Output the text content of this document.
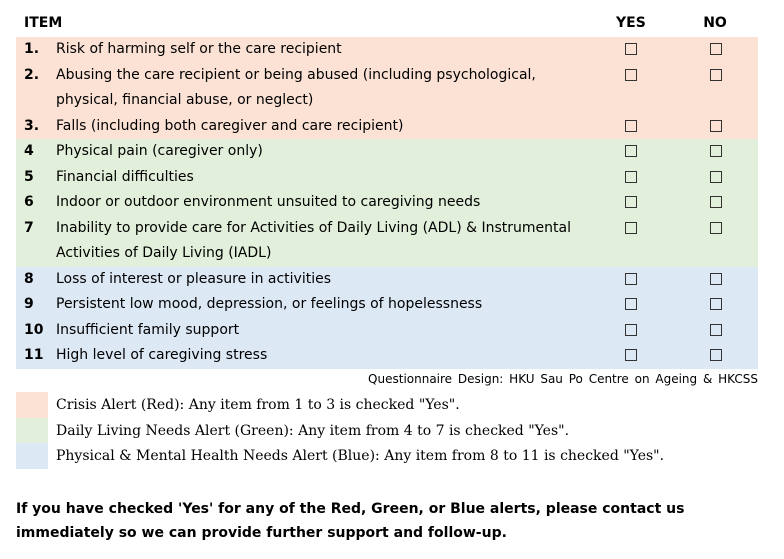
ITEM	YES	NO
1.	Risk of harming self or the care recipient
2.	Abusing the care recipient or being abused (including psychological, physical, financial abuse, or neglect)
3.	Falls (including both caregiver and care recipient)
4	Physical pain (caregiver only)
5	Financial difficulties
6	Indoor or outdoor environment unsuited to caregiving needs
7	Inability to provide care for Activities of Daily Living (ADL) & Instrumental Activities of Daily Living (IADL)
8	Loss of interest or pleasure in activities
9	Persistent low mood, depression, or feelings of hopelessness
10 Insufficient family support
11 High level of caregiving stress
Questionnaire Design: HKU Sau Po Centre on Ageing & HKCSS
Crisis Alert (Red): Any item from 1 to 3 is checked "Yes".
Daily Living Needs Alert (Green): Any item from 4 to 7 is checked "Yes".
Physical & Mental Health Needs Alert (Blue): Any item from 8 to 11 is checked "Yes".
If you have checked 'Yes' for any of the Red, Green, or Blue alerts, please contact us immediately so we can provide further support and follow-up.
